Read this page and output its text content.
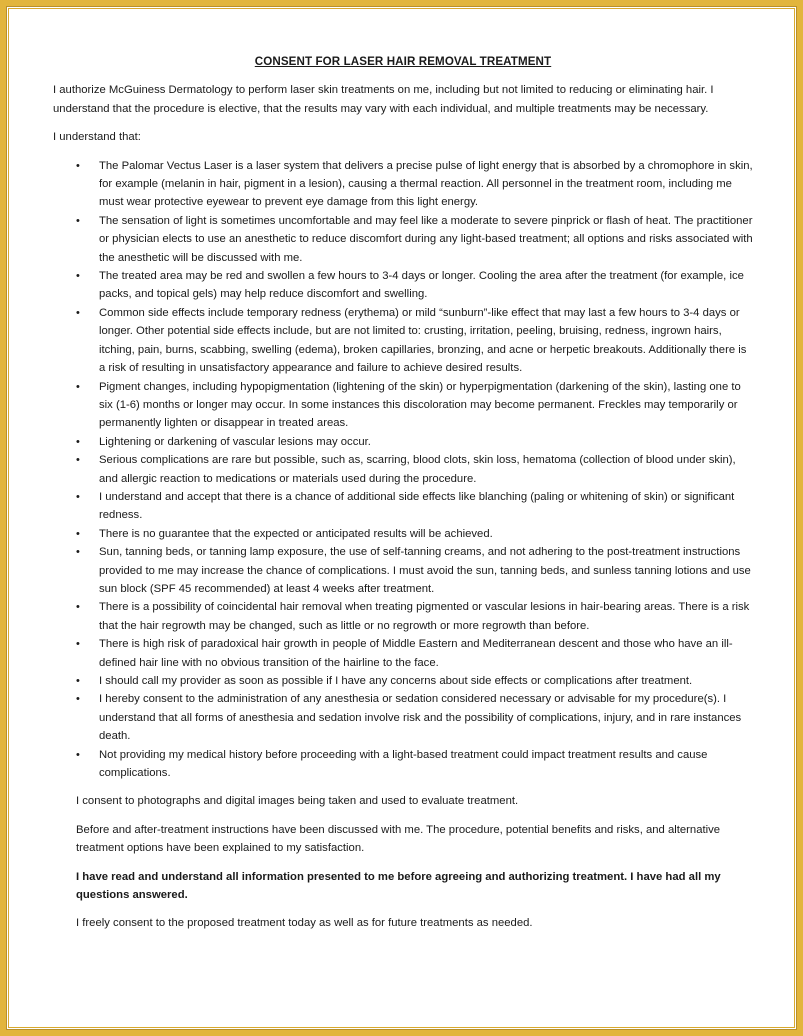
CONSENT FOR LASER HAIR REMOVAL TREATMENT

I authorize McGuiness Dermatology to perform laser skin treatments on me, including but not limited to reducing or eliminating hair. I understand that the procedure is elective, that the results may vary with each individual, and multiple treatments may be necessary.

I understand that:

• The Palomar Vectus Laser is a laser system that delivers a precise pulse of light energy that is absorbed by a chromophore in skin, for example (melanin in hair, pigment in a lesion), causing a thermal reaction. All personnel in the treatment room, including me must wear protective eyewear to prevent eye damage from this light energy.
• The sensation of light is sometimes uncomfortable and may feel like a moderate to severe pinprick or flash of heat. The practitioner or physician elects to use an anesthetic to reduce discomfort during any light-based treatment; all options and risks associated with the anesthetic will be discussed with me.
• The treated area may be red and swollen a few hours to 3-4 days or longer. Cooling the area after the treatment (for example, ice packs, and topical gels) may help reduce discomfort and swelling.
• Common side effects include temporary redness (erythema) or mild “sunburn”-like effect that may last a few hours to 3-4 days or longer. Other potential side effects include, but are not limited to: crusting, irritation, peeling, bruising, redness, ingrown hairs, itching, pain, burns, scabbing, swelling (edema), broken capillaries, bronzing, and acne or herpetic breakouts. Additionally there is a risk of resulting in unsatisfactory appearance and failure to achieve desired results.
• Pigment changes, including hypopigmentation (lightening of the skin) or hyperpigmentation (darkening of the skin), lasting one to six (1-6) months or longer may occur. In some instances this discoloration may become permanent. Freckles may temporarily or permanently lighten or disappear in treated areas.
• Lightening or darkening of vascular lesions may occur.
• Serious complications are rare but possible, such as, scarring, blood clots, skin loss, hematoma (collection of blood under skin), and allergic reaction to medications or materials used during the procedure.
• I understand and accept that there is a chance of additional side effects like blanching (paling or whitening of skin) or significant redness.
• There is no guarantee that the expected or anticipated results will be achieved.
• Sun, tanning beds, or tanning lamp exposure, the use of self-tanning creams, and not adhering to the post-treatment instructions provided to me may increase the chance of complications. I must avoid the sun, tanning beds, and sunless tanning lotions and use sun block (SPF 45 recommended) at least 4 weeks after treatment.
• There is a possibility of coincidental hair removal when treating pigmented or vascular lesions in hair-bearing areas. There is a risk that the hair regrowth may be changed, such as little or no regrowth or more regrowth than before.
• There is high risk of paradoxical hair growth in people of Middle Eastern and Mediterranean descent and those who have an ill-defined hair line with no obvious transition of the hairline to the face.
• I should call my provider as soon as possible if I have any concerns about side effects or complications after treatment.
• I hereby consent to the administration of any anesthesia or sedation considered necessary or advisable for my procedure(s). I understand that all forms of anesthesia and sedation involve risk and the possibility of complications, injury, and in rare instances death.
• Not providing my medical history before proceeding with a light-based treatment could impact treatment results and cause complications.

I consent to photographs and digital images being taken and used to evaluate treatment.

Before and after-treatment instructions have been discussed with me. The procedure, potential benefits and risks, and alternative treatment options have been explained to my satisfaction.

I have read and understand all information presented to me before agreeing and authorizing treatment. I have had all my questions answered.

I freely consent to the proposed treatment today as well as for future treatments as needed.
